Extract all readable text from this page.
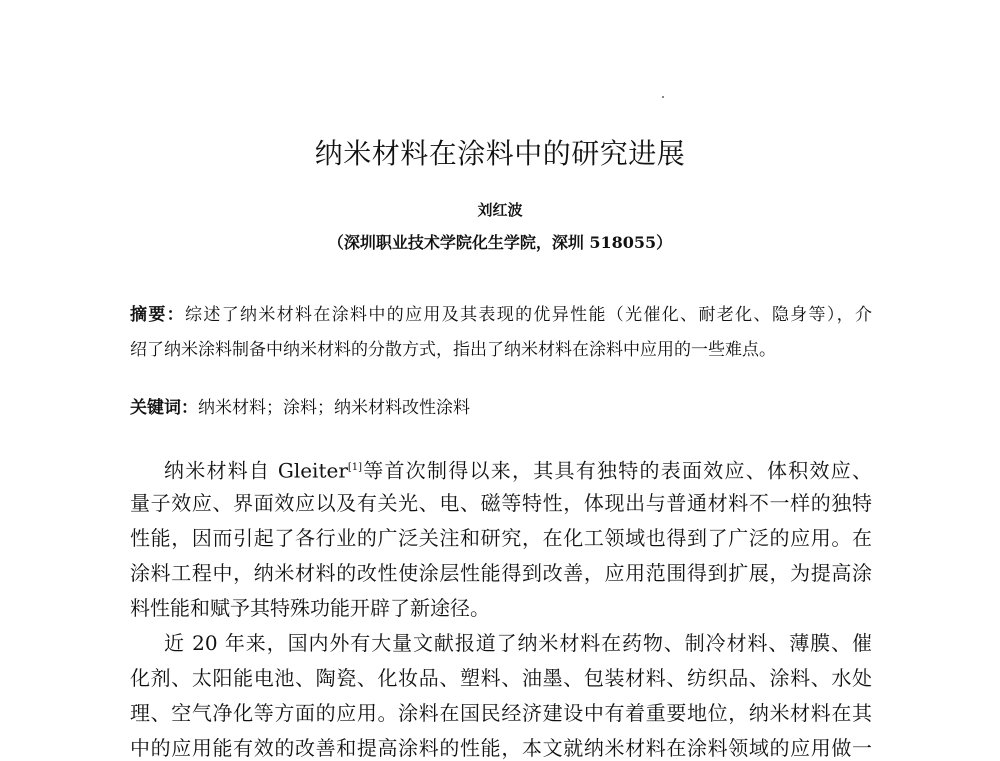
纳米材料在涂料中的研究进展
刘红波
（深圳职业技术学院化生学院，深圳 518055）
摘要：综述了纳米材料在涂料中的应用及其表现的优异性能（光催化、耐老化、隐身等），介
绍了纳米涂料制备中纳米材料的分散方式，指出了纳米材料在涂料中应用的一些难点。
关键词：纳米材料；涂料；纳米材料改性涂料
纳米材料自 Gleiter[1]等首次制得以来，其具有独特的表面效应、体积效应、
量子效应、界面效应以及有关光、电、磁等特性，体现出与普通材料不一样的独特
性能，因而引起了各行业的广泛关注和研究，在化工领域也得到了广泛的应用。在
涂料工程中，纳米材料的改性使涂层性能得到改善，应用范围得到扩展，为提高涂
料性能和赋予其特殊功能开辟了新途径。
近 20 年来，国内外有大量文献报道了纳米材料在药物、制冷材料、薄膜、催
化剂、太阳能电池、陶瓷、化妆品、塑料、油墨、包装材料、纺织品、涂料、水处
理、空气净化等方面的应用。涂料在国民经济建设中有着重要地位，纳米材料在其
中的应用能有效的改善和提高涂料的性能，本文就纳米材料在涂料领域的应用做一
